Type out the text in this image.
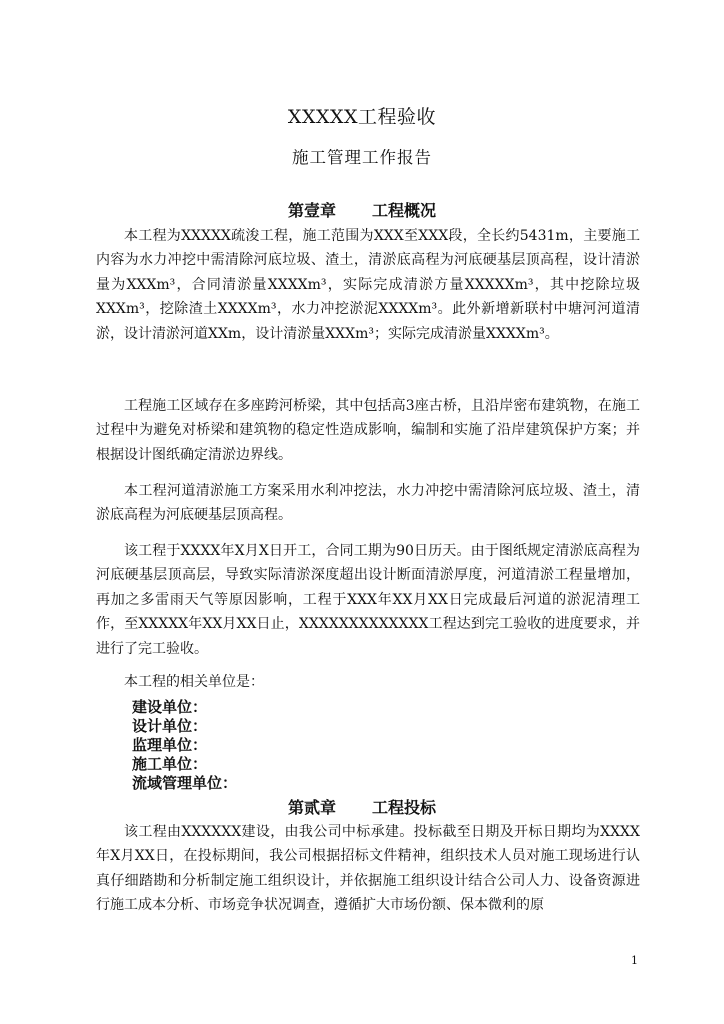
XXXXX工程验收
施工管理工作报告
第壹章 工程概况

本工程为XXXXX疏浚工程，施工范围为XXX至XXX段，全长约5431m，主要施工内容为水力冲挖中需清除河底垃圾、渣土，清淤底高程为河底硬基层顶高程，设计清淤量为XXXm³，合同清淤量XXXXm³，实际完成清淤方量XXXXXm³，其中挖除垃圾XXXm³，挖除渣土XXXXm³，水力冲挖淤泥XXXXm³。此外新增新联村中塘河河道清淤，设计清淤河道XXm，设计清淤量XXXm³；实际完成清淤量XXXXm³。

工程施工区域存在多座跨河桥梁，其中包括高3座古桥，且沿岸密布建筑物，在施工过程中为避免对桥梁和建筑物的稳定性造成影响，编制和实施了沿岸建筑保护方案；并根据设计图纸确定清淤边界线。

本工程河道清淤施工方案采用水利冲挖法，水力冲挖中需清除河底垃圾、渣土，清淤底高程为河底硬基层顶高程。

该工程于XXXX年X月X日开工，合同工期为90日历天。由于图纸规定清淤底高程为河底硬基层顶高层，导致实际清淤深度超出设计断面清淤厚度，河道清淤工程量增加，再加之多雷雨天气等原因影响，工程于XXX年XX月XX日完成最后河道的淤泥清理工作，至XXXXX年XX月XX日止，XXXXXXXXXXXXX工程达到完工验收的进度要求，并进行了完工验收。

本工程的相关单位是：

建设单位：
设计单位：
监理单位：
施工单位：
流域管理单位：
第贰章 工程投标

该工程由XXXXXX建设，由我公司中标承建。投标截至日期及开标日期均为XXXX年X月XX日，在投标期间，我公司根据招标文件精神，组织技术人员对施工现场进行认真仔细踏勘和分析制定施工组织设计，并依据施工组织设计结合公司人力、设备资源进行施工成本分析、市场竞争状况调查，遵循扩大市场份额、保本微利的原

1
